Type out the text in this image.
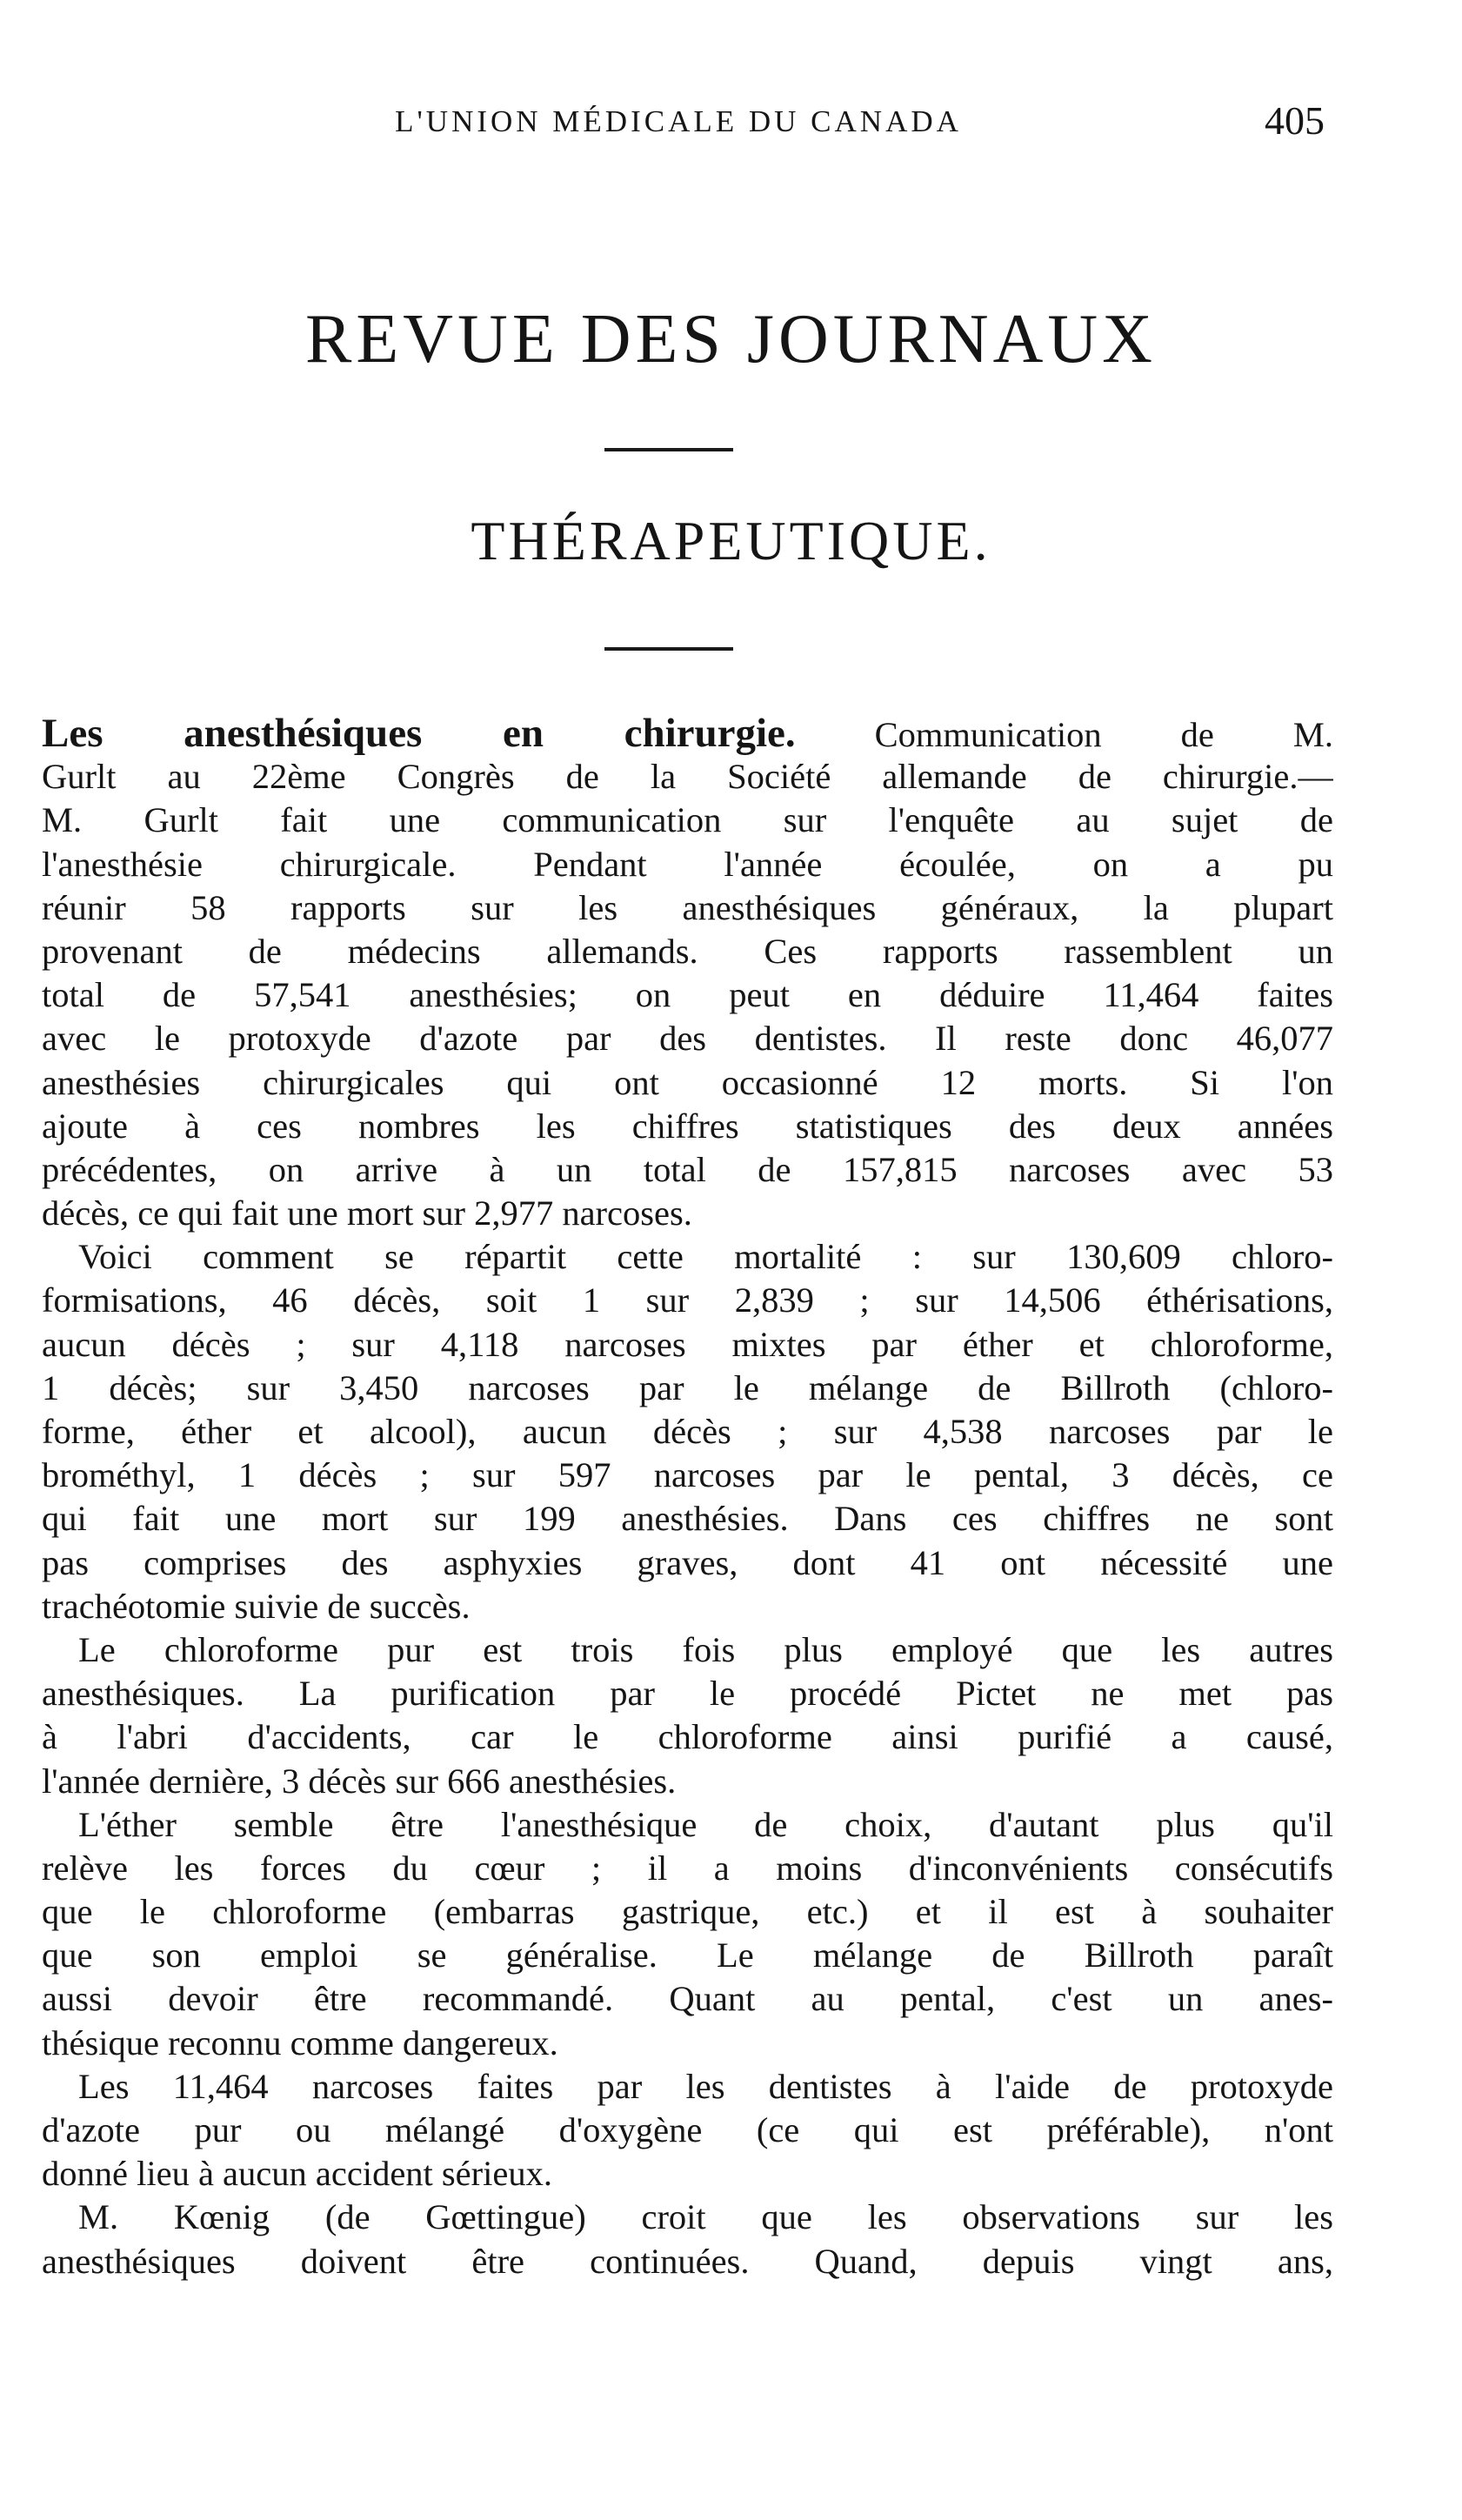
L'UNION MÉDICALE DU CANADA	405
REVUE DES JOURNAUX
THÉRAPEUTIQUE.
Les anesthésiques en chirurgie. Communication de M.
Gurlt au 22ème Congrès de la Société allemande de chirurgie.—
M. Gurlt fait une communication sur l'enquête au sujet de
l'anesthésie chirurgicale. Pendant l'année écoulée, on a pu
réunir 58 rapports sur les anesthésiques généraux, la plupart
provenant de médecins allemands. Ces rapports rassemblent un
total de 57,541 anesthésies; on peut en déduire 11,464 faites
avec le protoxyde d'azote par des dentistes. Il reste donc 46,077
anesthésies chirurgicales qui ont occasionné 12 morts. Si l'on
ajoute à ces nombres les chiffres statistiques des deux années
précédentes, on arrive à un total de 157,815 narcoses avec 53
décès, ce qui fait une mort sur 2,977 narcoses.
Voici comment se répartit cette mortalité : sur 130,609 chloro-
formisations, 46 décès, soit 1 sur 2,839 ; sur 14,506 éthérisations,
aucun décès ; sur 4,118 narcoses mixtes par éther et chloroforme,
1 décès; sur 3,450 narcoses par le mélange de Billroth (chloro-
forme, éther et alcool), aucun décès ; sur 4,538 narcoses par le
brométhyl, 1 décès ; sur 597 narcoses par le pental, 3 décès, ce
qui fait une mort sur 199 anesthésies. Dans ces chiffres ne sont
pas comprises des asphyxies graves, dont 41 ont nécessité une
trachéotomie suivie de succès.
Le chloroforme pur est trois fois plus employé que les autres
anesthésiques. La purification par le procédé Pictet ne met pas
à l'abri d'accidents, car le chloroforme ainsi purifié a causé,
l'année dernière, 3 décès sur 666 anesthésies.
L'éther semble être l'anesthésique de choix, d'autant plus qu'il
relève les forces du cœur ; il a moins d'inconvénients consécutifs
que le chloroforme (embarras gastrique, etc.) et il est à souhaiter
que son emploi se généralise. Le mélange de Billroth paraît
aussi devoir être recommandé. Quant au pental, c'est un anes-
thésique reconnu comme dangereux.
Les 11,464 narcoses faites par les dentistes à l'aide de protoxyde
d'azote pur ou mélangé d'oxygène (ce qui est préférable), n'ont
donné lieu à aucun accident sérieux.
M. Kœnig (de Gœttingue) croit que les observations sur les
anesthésiques doivent être continuées. Quand, depuis vingt ans,
